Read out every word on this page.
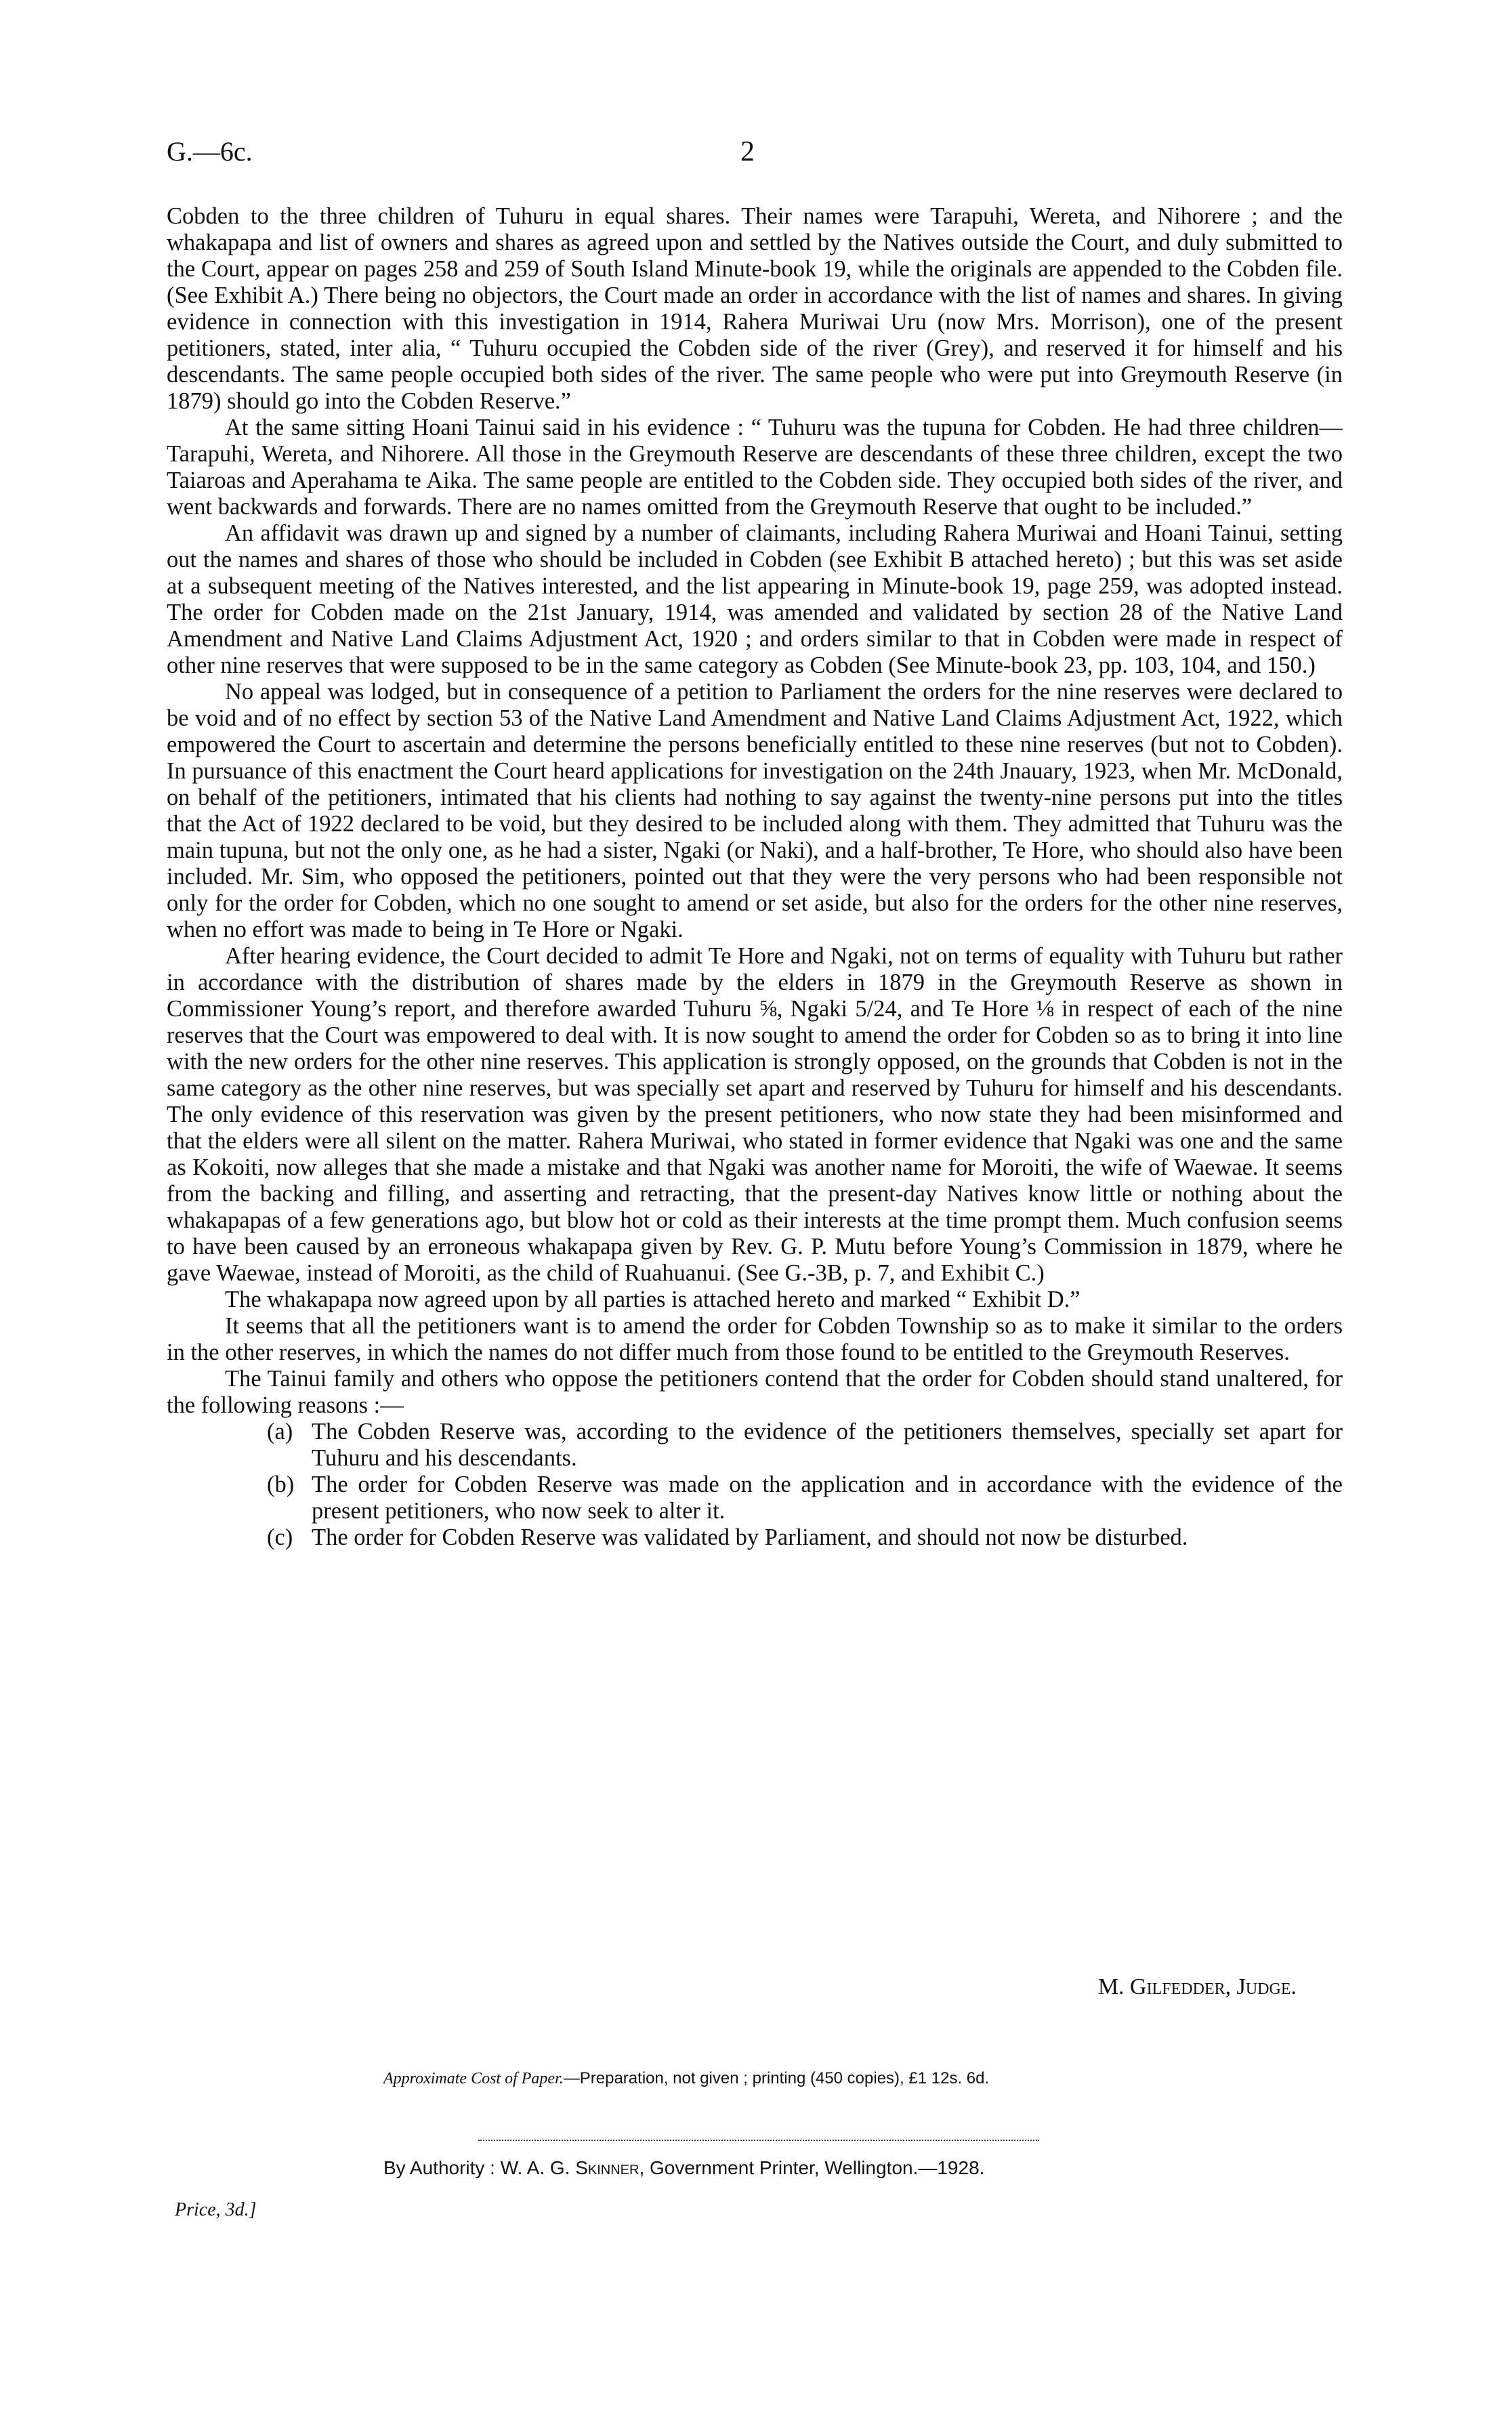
G.—6c.	2

Cobden to the three children of Tuhuru in equal shares. Their names were Tarapuhi, Wereta, and Nihorere ; and the whakapapa and list of owners and shares as agreed upon and settled by the Natives outside the Court, and duly submitted to the Court, appear on pages 258 and 259 of South Island Minute-book 19, while the originals are appended to the Cobden file. (See Exhibit A.) There being no objectors, the Court made an order in accordance with the list of names and shares. In giving evidence in connection with this investigation in 1914, Rahera Muriwai Uru (now Mrs. Morrison), one of the present petitioners, stated, inter alia, “ Tuhuru occupied the Cobden side of the river (Grey), and reserved it for himself and his descendants. The same people occupied both sides of the river. The same people who were put into Greymouth Reserve (in 1879) should go into the Cobden Reserve.”

At the same sitting Hoani Tainui said in his evidence : “ Tuhuru was the tupuna for Cobden. He had three children—Tarapuhi, Wereta, and Nihorere. All those in the Greymouth Reserve are descendants of these three children, except the two Taiaroas and Aperahama te Aika. The same people are entitled to the Cobden side. They occupied both sides of the river, and went backwards and forwards. There are no names omitted from the Greymouth Reserve that ought to be included.”

An affidavit was drawn up and signed by a number of claimants, including Rahera Muriwai and Hoani Tainui, setting out the names and shares of those who should be included in Cobden (see Exhibit B attached hereto) ; but this was set aside at a subsequent meeting of the Natives interested, and the list appearing in Minute-book 19, page 259, was adopted instead. The order for Cobden made on the 21st January, 1914, was amended and validated by section 28 of the Native Land Amendment and Native Land Claims Adjustment Act, 1920 ; and orders similar to that in Cobden were made in respect of other nine reserves that were supposed to be in the same category as Cobden (See Minute-book 23, pp. 103, 104, and 150.)

No appeal was lodged, but in consequence of a petition to Parliament the orders for the nine reserves were declared to be void and of no effect by section 53 of the Native Land Amendment and Native Land Claims Adjustment Act, 1922, which empowered the Court to ascertain and determine the persons beneficially entitled to these nine reserves (but not to Cobden). In pursuance of this enactment the Court heard applications for investigation on the 24th Jnauary, 1923, when Mr. McDonald, on behalf of the petitioners, intimated that his clients had nothing to say against the twenty-nine persons put into the titles that the Act of 1922 declared to be void, but they desired to be included along with them. They admitted that Tuhuru was the main tupuna, but not the only one, as he had a sister, Ngaki (or Naki), and a half-brother, Te Hore, who should also have been included. Mr. Sim, who opposed the petitioners, pointed out that they were the very persons who had been responsible not only for the order for Cobden, which no one sought to amend or set aside, but also for the orders for the other nine reserves, when no effort was made to being in Te Hore or Ngaki.

After hearing evidence, the Court decided to admit Te Hore and Ngaki, not on terms of equality with Tuhuru but rather in accordance with the distribution of shares made by the elders in 1879 in the Greymouth Reserve as shown in Commissioner Young’s report, and therefore awarded Tuhuru ⅝, Ngaki 5/24, and Te Hore ⅛ in respect of each of the nine reserves that the Court was empowered to deal with. It is now sought to amend the order for Cobden so as to bring it into line with the new orders for the other nine reserves. This application is strongly opposed, on the grounds that Cobden is not in the same category as the other nine reserves, but was specially set apart and reserved by Tuhuru for himself and his descendants. The only evidence of this reservation was given by the present petitioners, who now state they had been misinformed and that the elders were all silent on the matter. Rahera Muriwai, who stated in former evidence that Ngaki was one and the same as Kokoiti, now alleges that she made a mistake and that Ngaki was another name for Moroiti, the wife of Waewae. It seems from the backing and filling, and asserting and retracting, that the present-day Natives know little or nothing about the whakapapas of a few generations ago, but blow hot or cold as their interests at the time prompt them. Much confusion seems to have been caused by an erroneous whakapapa given by Rev. G. P. Mutu before Young’s Commission in 1879, where he gave Waewae, instead of Moroiti, as the child of Ruahuanui. (See G.-3B, p. 7, and Exhibit C.)

The whakapapa now agreed upon by all parties is attached hereto and marked “ Exhibit D.”

It seems that all the petitioners want is to amend the order for Cobden Township so as to make it similar to the orders in the other reserves, in which the names do not differ much from those found to be entitled to the Greymouth Reserves.

The Tainui family and others who oppose the petitioners contend that the order for Cobden should stand unaltered, for the following reasons :—

(a) The Cobden Reserve was, according to the evidence of the petitioners themselves, specially set apart for Tuhuru and his descendants.
(b) The order for Cobden Reserve was made on the application and in accordance with the evidence of the present petitioners, who now seek to alter it.
(c) The order for Cobden Reserve was validated by Parliament, and should not now be disturbed.
M. Gilfedder, Judge.
Approximate Cost of Paper.—Preparation, not given ; printing (450 copies), £1 12s. 6d.
By Authority : W. A. G. Skinner, Government Printer, Wellington.—1928.
Price, 3d.]
